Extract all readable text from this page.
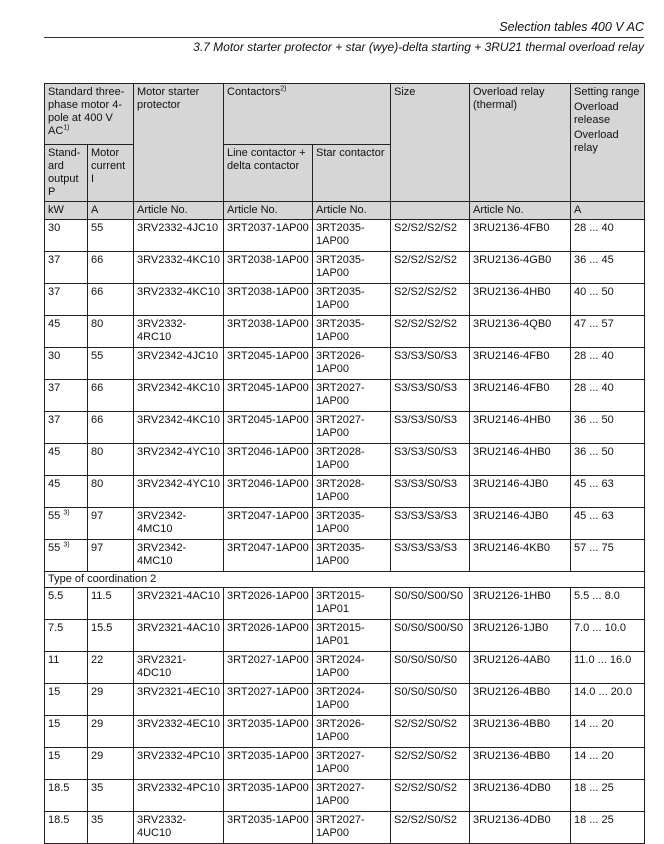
Selection tables 400 V AC
3.7 Motor starter protector + star (wye)-delta starting + 3RU21 thermal overload relay
Standard three-phase motor 4-pole at 400 V AC$^{1)}$		Motor starter protector	Contactors$^{2)}$		Size	Overload relay (thermal)	Setting range
Overload release
Overload relay

Stand-ard output P	Motor current I		Line contactor + delta contactor	Star contactor			
kW	A	Article No.	Article No.	Article No.		Article No.	A
30	55	3RV2332-4JC10	3RT2037-1AP00	3RT2035-1AP00	S2/S2/S2/S2	3RU2136-4FB0	28 ... 40
37	66	3RV2332-4KC10	3RT2038-1AP00	3RT2035-1AP00	S2/S2/S2/S2	3RU2136-4GB0	36 ... 45
37	66	3RV2332-4KC10	3RT2038-1AP00	3RT2035-1AP00	S2/S2/S2/S2	3RU2136-4HB0	40 ... 50
45	80	3RV2332-4RC10	3RT2038-1AP00	3RT2035-1AP00	S2/S2/S2/S2	3RU2136-4QB0	47 ... 57
30	55	3RV2342-4JC10	3RT2045-1AP00	3RT2026-1AP00	S3/S3/S0/S3	3RU2146-4FB0	28 ... 40
37	66	3RV2342-4KC10	3RT2045-1AP00	3RT2027-1AP00	S3/S3/S0/S3	3RU2146-4FB0	28 ... 40
37	66	3RV2342-4KC10	3RT2045-1AP00	3RT2027-1AP00	S3/S3/S0/S3	3RU2146-4HB0	36 ... 50
45	80	3RV2342-4YC10	3RT2046-1AP00	3RT2028-1AP00	S3/S3/S0/S3	3RU2146-4HB0	36 ... 50
45	80	3RV2342-4YC10	3RT2046-1AP00	3RT2028-1AP00	S3/S3/S0/S3	3RU2146-4JB0	45 ... 63
55 $^{3)}$	97	3RV2342-4MC10	3RT2047-1AP00	3RT2035-1AP00	S3/S3/S3/S3	3RU2146-4JB0	45 ... 63
55 $^{3)}$	97	3RV2342-4MC10	3RT2047-1AP00	3RT2035-1AP00	S3/S3/S3/S3	3RU2146-4KB0	57 ... 75
Type of coordination 2							
5.5	11.5	3RV2321-4AC10	3RT2026-1AP00	3RT2015-1AP01	S0/S0/S00/S0	3RU2126-1HB0	5.5 ... 8.0
7.5	15.5	3RV2321-4AC10	3RT2026-1AP00	3RT2015-1AP01	S0/S0/S00/S0	3RU2126-1JB0	7.0 ... 10.0
11	22	3RV2321-4DC10	3RT2027-1AP00	3RT2024-1AP00	S0/S0/S0/S0	3RU2126-4AB0	11.0 ... 16.0
15	29	3RV2321-4EC10	3RT2027-1AP00	3RT2024-1AP00	S0/S0/S0/S0	3RU2126-4BB0	14.0 ... 20.0
15	29	3RV2332-4EC10	3RT2035-1AP00	3RT2026-1AP00	S2/S2/S0/S2	3RU2136-4BB0	14 ... 20
15	29	3RV2332-4PC10	3RT2035-1AP00	3RT2027-1AP00	S2/S2/S0/S2	3RU2136-4BB0	14 ... 20
18.5	35	3RV2332-4PC10	3RT2035-1AP00	3RT2027-1AP00	S2/S2/S0/S2	3RU2136-4DB0	18 ... 25
18.5	35	3RV2332-4UC10	3RT2035-1AP00	3RT2027-1AP00	S2/S2/S0/S2	3RU2136-4DB0	18 ... 25
